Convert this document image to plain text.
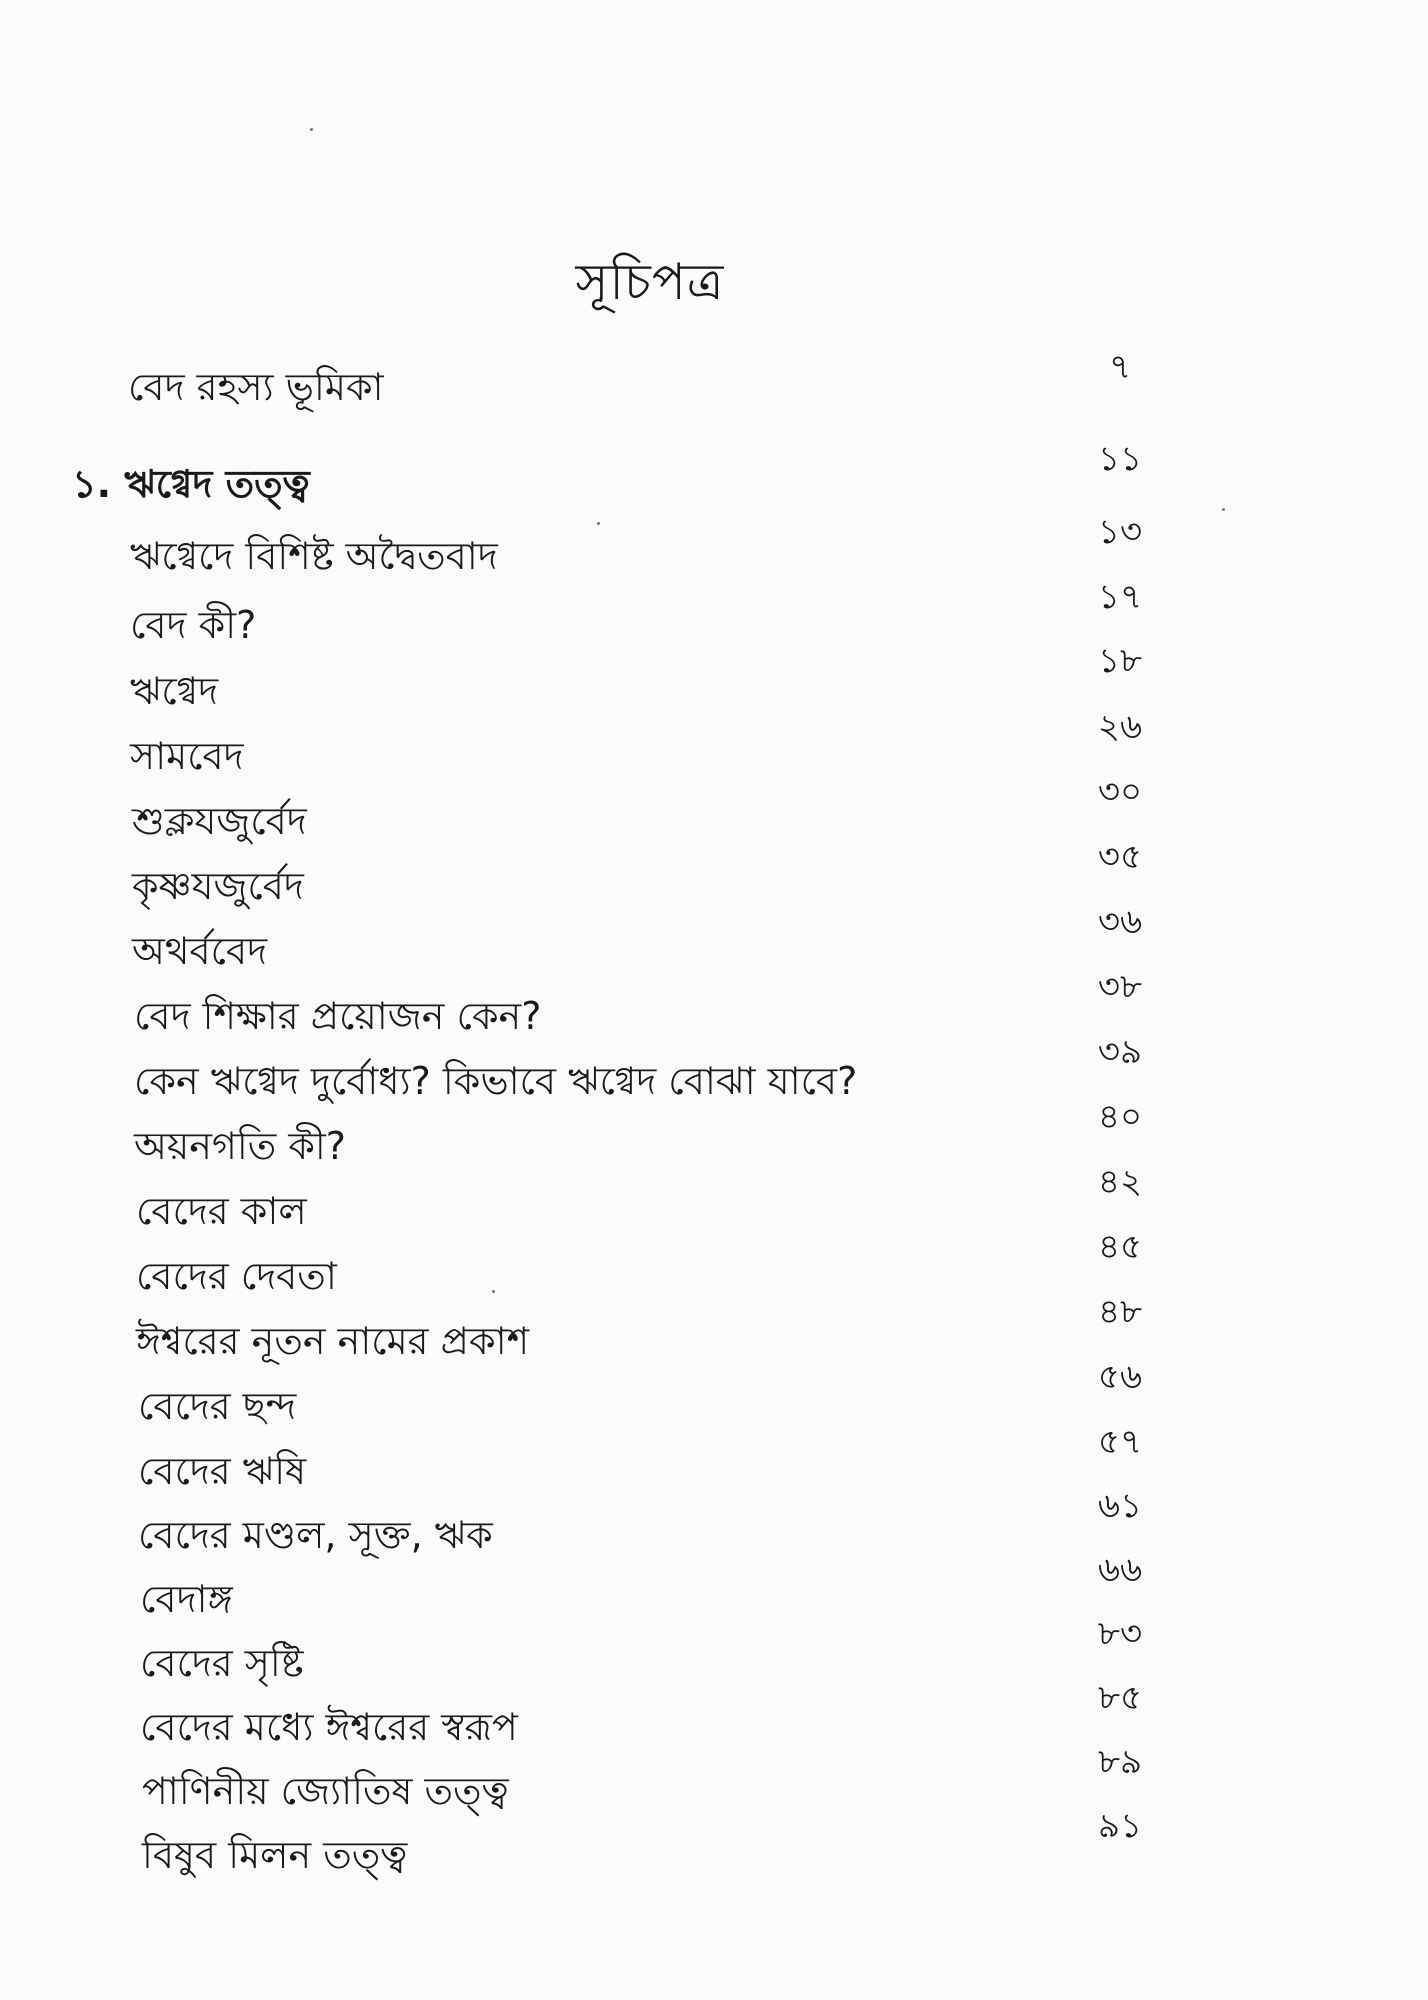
সূচিপত্র
বেদ রহস্য ভূমিকা
১. ঋগ্বেদ তত্ত্ব
ঋগ্বেদে বিশিষ্ট অদ্বৈতবাদ
বেদ কী?
ঋগ্বেদ
সামবেদ
শুক্লযজুর্বেদ
কৃষ্ণযজুর্বেদ
অথর্ববেদ
বেদ শিক্ষার প্রয়োজন কেন?
কেন ঋগ্বেদ দুর্বোধ্য? কিভাবে ঋগ্বেদ বোঝা যাবে?
অয়নগতি কী?
বেদের কাল
বেদের দেবতা
ঈশ্বরের নূতন নামের প্রকাশ
বেদের ছন্দ
বেদের ঋষি
বেদের মণ্ডল, সূক্ত, ঋক
বেদাঙ্গ
বেদের সৃষ্টি
বেদের মধ্যে ঈশ্বরের স্বরূপ
পাণিনীয় জ্যোতিষ তত্ত্ব
বিষুব মিলন তত্ত্ব
৭
১১
১৩
১৭
১৮
২৬
৩০
৩৫
৩৬
৩৮
৩৯
৪০
৪২
৪৫
৪৮
৫৬
৫৭
৬১
৬৬
৮৩
৮৫
৮৯
৯১
